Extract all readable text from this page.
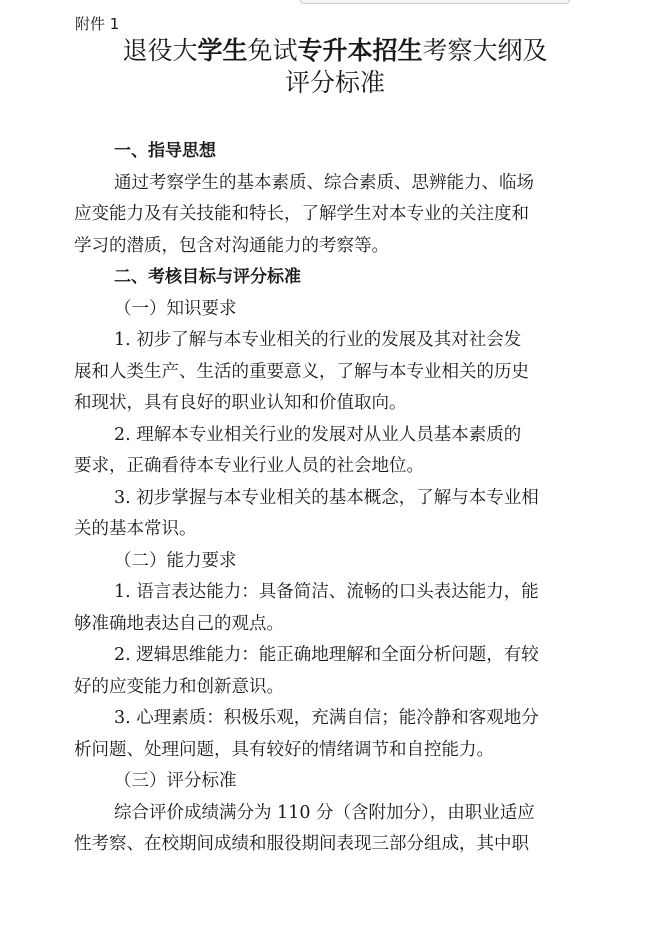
附件 1
退役大学生免试专升本招生考察大纲及
评分标准
一、指导思想
通过考察学生的基本素质、综合素质、思辨能力、临场
应变能力及有关技能和特长，了解学生对本专业的关注度和
学习的潜质，包含对沟通能力的考察等。
二、考核目标与评分标准
（一）知识要求
1. 初步了解与本专业相关的行业的发展及其对社会发
展和人类生产、生活的重要意义，了解与本专业相关的历史
和现状，具有良好的职业认知和价值取向。
2. 理解本专业相关行业的发展对从业人员基本素质的
要求，正确看待本专业行业人员的社会地位。
3. 初步掌握与本专业相关的基本概念，了解与本专业相
关的基本常识。
（二）能力要求
1. 语言表达能力：具备简洁、流畅的口头表达能力，能
够准确地表达自己的观点。
2. 逻辑思维能力：能正确地理解和全面分析问题，有较
好的应变能力和创新意识。
3. 心理素质：积极乐观，充满自信；能冷静和客观地分
析问题、处理问题，具有较好的情绪调节和自控能力。
（三）评分标准
综合评价成绩满分为 110 分（含附加分），由职业适应
性考察、在校期间成绩和服役期间表现三部分组成，其中职
